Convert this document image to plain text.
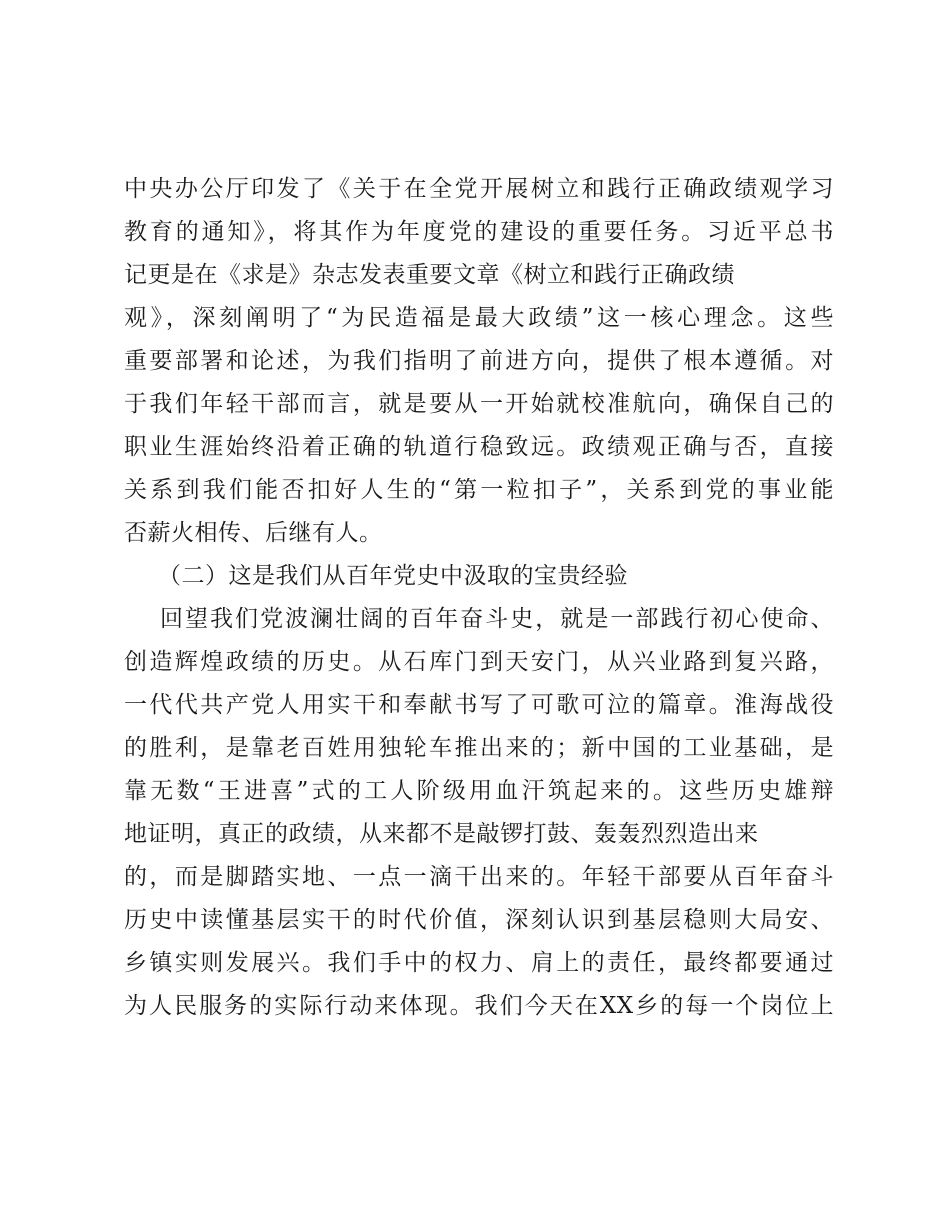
中央办公厅印发了《关于在全党开展树立和践行正确政绩观学习
教育的通知》，将其作为年度党的建设的重要任务。习近平总书
记更是在《求是》杂志发表重要文章《树立和践行正确政绩
观》，深刻阐明了“为民造福是最大政绩”这一核心理念。这些
重要部署和论述，为我们指明了前进方向，提供了根本遵循。对
于我们年轻干部而言，就是要从一开始就校准航向，确保自己的
职业生涯始终沿着正确的轨道行稳致远。政绩观正确与否，直接
关系到我们能否扣好人生的“第一粒扣子”，关系到党的事业能
否薪火相传、后继有人。
（二）这是我们从百年党史中汲取的宝贵经验
回望我们党波澜壮阔的百年奋斗史，就是一部践行初心使命、
创造辉煌政绩的历史。从石库门到天安门，从兴业路到复兴路，
一代代共产党人用实干和奉献书写了可歌可泣的篇章。淮海战役
的胜利，是靠老百姓用独轮车推出来的；新中国的工业基础，是
靠无数“王进喜”式的工人阶级用血汗筑起来的。这些历史雄辩
地证明，真正的政绩，从来都不是敲锣打鼓、轰轰烈烈造出来
的，而是脚踏实地、一点一滴干出来的。年轻干部要从百年奋斗
历史中读懂基层实干的时代价值，深刻认识到基层稳则大局安、
乡镇实则发展兴。我们手中的权力、肩上的责任，最终都要通过
为人民服务的实际行动来体现。我们今天在XX乡的每一个岗位上
